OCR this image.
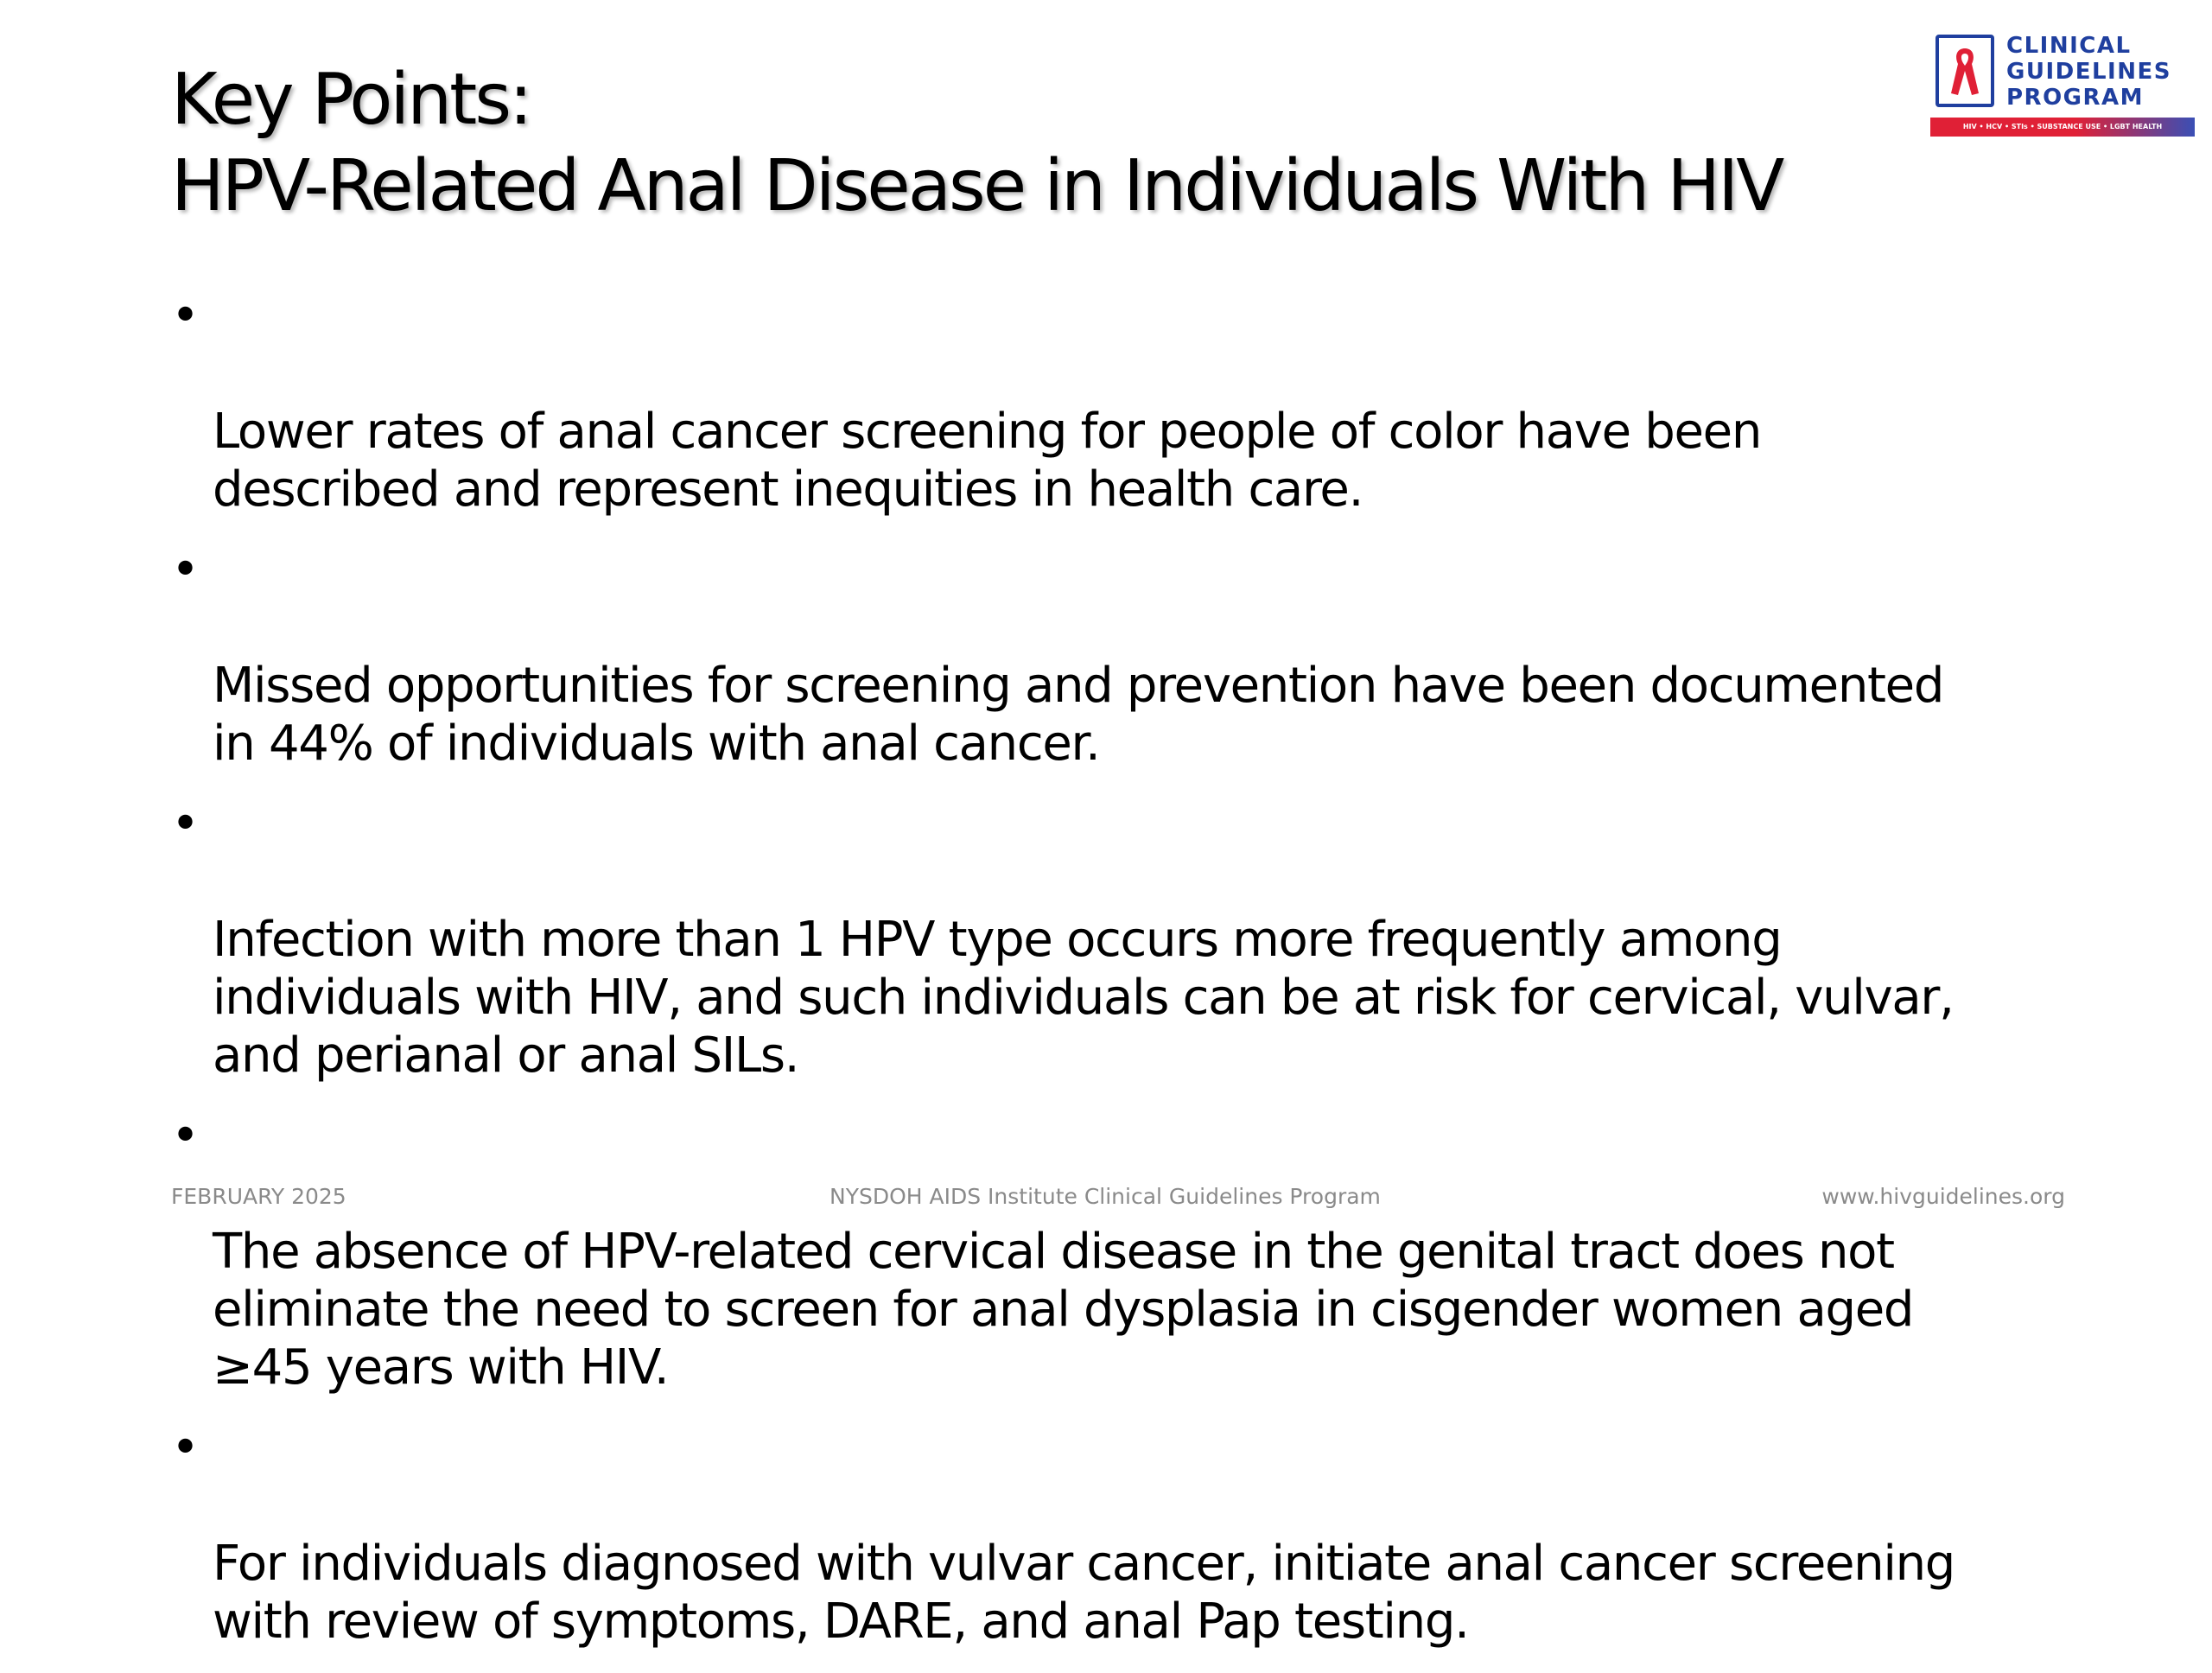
Key Points:
HPV-Related Anal Disease in Individuals With HIV
CLINICAL
GUIDELINES
PROGRAM
HIV • HCV • STIs • SUBSTANCE USE • LGBT HEALTH

•

Lower rates of anal cancer screening for people of color have been
described and represent inequities in health care.

•

Missed opportunities for screening and prevention have been documented
in 44% of individuals with anal cancer.

•

Infection with more than 1 HPV type occurs more frequently among
individuals with HIV, and such individuals can be at risk for cervical, vulvar,
and perianal or anal SILs.

•

The absence of HPV-related cervical disease in the genital tract does not
eliminate the need to screen for anal dysplasia in cisgender women aged
≥45 years with HIV.

•

For individuals diagnosed with vulvar cancer, initiate anal cancer screening
with review of symptoms, DARE, and anal Pap testing.

FEBRUARY 2025	NYSDOH AIDS Institute Clinical Guidelines Program	www.hivguidelines.org
